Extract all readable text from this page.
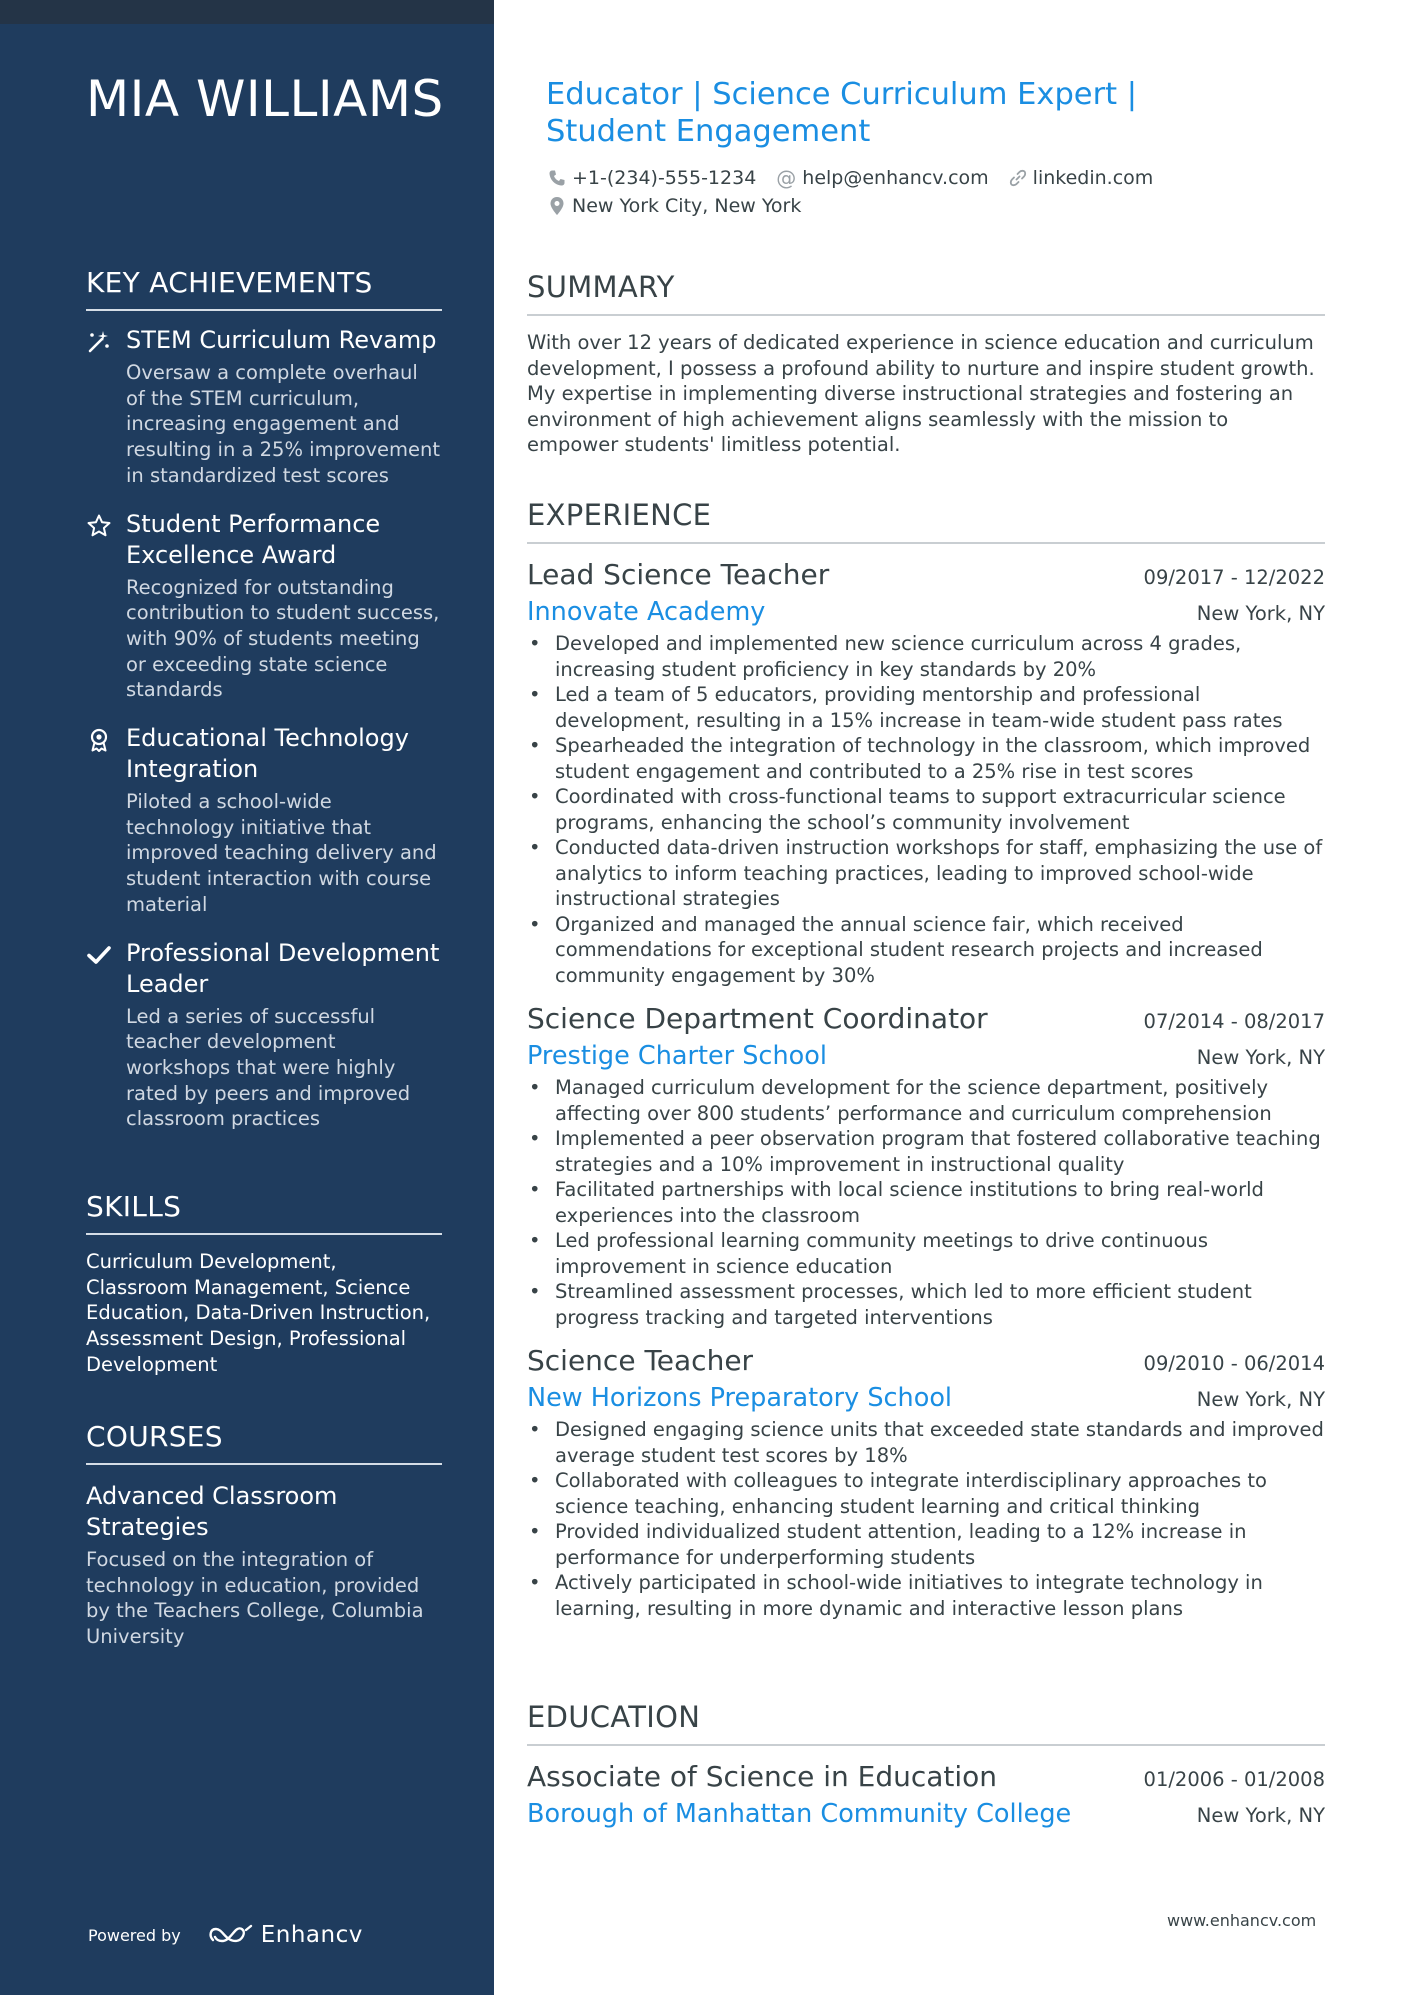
MIA WILLIAMS
KEY ACHIEVEMENTS
STEM Curriculum Revamp
Oversaw a complete overhaul of the STEM curriculum, increasing engagement and resulting in a 25% improvement in standardized test scores
Student Performance Excellence Award
Recognized for outstanding contribution to student success, with 90% of students meeting or exceeding state science standards
Educational Technology Integration
Piloted a school-wide technology initiative that improved teaching delivery and student interaction with course material
Professional Development Leader
Led a series of successful teacher development workshops that were highly rated by peers and improved classroom practices
SKILLS
Curriculum Development, Classroom Management, Science Education, Data-Driven Instruction, Assessment Design, Professional Development
COURSES
Advanced Classroom Strategies
Focused on the integration of technology in education, provided by the Teachers College, Columbia University
Powered by	Enhancv
Educator | Science Curriculum Expert | Student Engagement
+1-(234)-555-1234 @ help@enhancv.com linkedin.com
New York City, New York
SUMMARY
With over 12 years of dedicated experience in science education and curriculum development, I possess a profound ability to nurture and inspire student growth. My expertise in implementing diverse instructional strategies and fostering an environment of high achievement aligns seamlessly with the mission to empower students' limitless potential.
EXPERIENCE
Lead Science Teacher	09/2017 - 12/2022
Innovate Academy	New York, NY
• Developed and implemented new science curriculum across 4 grades, increasing student proficiency in key standards by 20%
• Led a team of 5 educators, providing mentorship and professional development, resulting in a 15% increase in team-wide student pass rates
• Spearheaded the integration of technology in the classroom, which improved student engagement and contributed to a 25% rise in test scores
• Coordinated with cross-functional teams to support extracurricular science programs, enhancing the school’s community involvement
• Conducted data-driven instruction workshops for staff, emphasizing the use of analytics to inform teaching practices, leading to improved school-wide instructional strategies
• Organized and managed the annual science fair, which received commendations for exceptional student research projects and increased community engagement by 30%
Science Department Coordinator	07/2014 - 08/2017
Prestige Charter School	New York, NY
• Managed curriculum development for the science department, positively affecting over 800 students’ performance and curriculum comprehension
• Implemented a peer observation program that fostered collaborative teaching strategies and a 10% improvement in instructional quality
• Facilitated partnerships with local science institutions to bring real-world experiences into the classroom
• Led professional learning community meetings to drive continuous improvement in science education
• Streamlined assessment processes, which led to more efficient student progress tracking and targeted interventions
Science Teacher	09/2010 - 06/2014
New Horizons Preparatory School	New York, NY
• Designed engaging science units that exceeded state standards and improved average student test scores by 18%
• Collaborated with colleagues to integrate interdisciplinary approaches to science teaching, enhancing student learning and critical thinking
• Provided individualized student attention, leading to a 12% increase in performance for underperforming students
• Actively participated in school-wide initiatives to integrate technology in learning, resulting in more dynamic and interactive lesson plans
EDUCATION
Associate of Science in Education	01/2006 - 01/2008
Borough of Manhattan Community College	New York, NY
www.enhancv.com
